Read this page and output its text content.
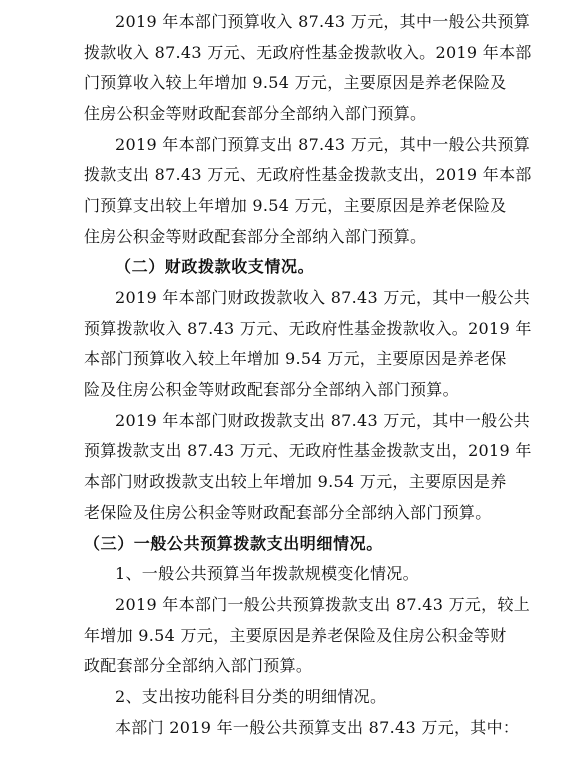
2019 年本部门预算收入 87.43 万元，其中一般公共预算
拨款收入 87.43 万元、无政府性基金拨款收入。2019 年本部
门预算收入较上年增加 9.54 万元，主要原因是养老保险及
住房公积金等财政配套部分全部纳入部门预算。
2019 年本部门预算支出 87.43 万元，其中一般公共预算
拨款支出 87.43 万元、无政府性基金拨款支出，2019 年本部
门预算支出较上年增加 9.54 万元，主要原因是养老保险及
住房公积金等财政配套部分全部纳入部门预算。
（二）财政拨款收支情况。
2019 年本部门财政拨款收入 87.43 万元，其中一般公共
预算拨款收入 87.43 万元、无政府性基金拨款收入。2019 年
本部门预算收入较上年增加 9.54 万元，主要原因是养老保
险及住房公积金等财政配套部分全部纳入部门预算。
2019 年本部门财政拨款支出 87.43 万元，其中一般公共
预算拨款支出 87.43 万元、无政府性基金拨款支出，2019 年
本部门财政拨款支出较上年增加 9.54 万元，主要原因是养
老保险及住房公积金等财政配套部分全部纳入部门预算。
（三）一般公共预算拨款支出明细情况。
1、一般公共预算当年拨款规模变化情况。
2019 年本部门一般公共预算拨款支出 87.43 万元，较上
年增加 9.54 万元，主要原因是养老保险及住房公积金等财
政配套部分全部纳入部门预算。
2、支出按功能科目分类的明细情况。
本部门 2019 年一般公共预算支出 87.43 万元，其中：
